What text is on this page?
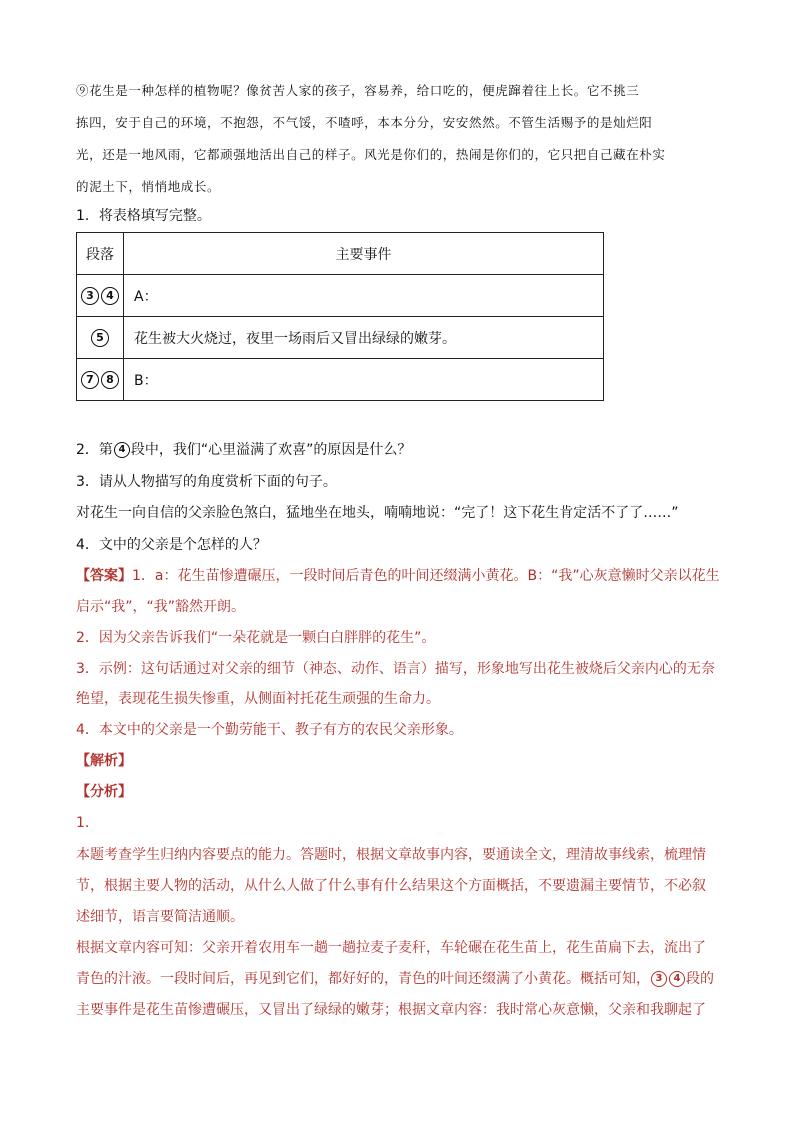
⑨花生是一种怎样的植物呢？像贫苦人家的孩子，容易养，给口吃的，便虎蹿着往上长。它不挑三
拣四，安于自己的环境，不抱怨，不气馁，不喳呼，本本分分，安安然然。不管生活赐予的是灿烂阳
光，还是一地风雨，它都顽强地活出自己的样子。风光是你们的，热闹是你们的，它只把自己藏在朴实
的泥土下，悄悄地成长。
1．将表格填写完整。
段落	主要事件
3 4	A：
5	花生被大火烧过，夜里一场雨后又冒出绿绿的嫩芽。
7 8	B：
2．第 4 段中，我们“心里溢满了欢喜”的原因是什么？
3．请从人物描写的角度赏析下面的句子。
对花生一向自信的父亲脸色煞白，猛地坐在地头，喃喃地说：“完了！这下花生肯定活不了了……”
4．文中的父亲是个怎样的人？
【答案】1．a：花生苗惨遭碾压，一段时间后青色的叶间还缀满小黄花。B：“我”心灰意懒时父亲以花生
启示“我”，“我”豁然开朗。
2．因为父亲告诉我们“一朵花就是一颗白白胖胖的花生”。
3．示例：这句话通过对父亲的细节（神态、动作、语言）描写，形象地写出花生被烧后父亲内心的无奈
绝望，表现花生损失惨重，从侧面衬托花生顽强的生命力。
4．本文中的父亲是一个勤劳能干、教子有方的农民父亲形象。
【解析】
【分析】
1．
本题考查学生归纳内容要点的能力。答题时，根据文章故事内容，要通读全文，理清故事线索，梳理情
节，根据主要人物的活动，从什么人做了什么事有什么结果这个方面概括，不要遗漏主要情节，不必叙
述细节，语言要简洁通顺。
根据文章内容可知：父亲开着农用车一趟一趟拉麦子麦秆，车轮碾在花生苗上，花生苗扁下去，流出了
青色的汁液。一段时间后，再见到它们，都好好的，青色的叶间还缀满了小黄花。概括可知， 3 4 段的
主要事件是花生苗惨遭碾压，又冒出了绿绿的嫩芽；根据文章内容：我时常心灰意懒，父亲和我聊起了
